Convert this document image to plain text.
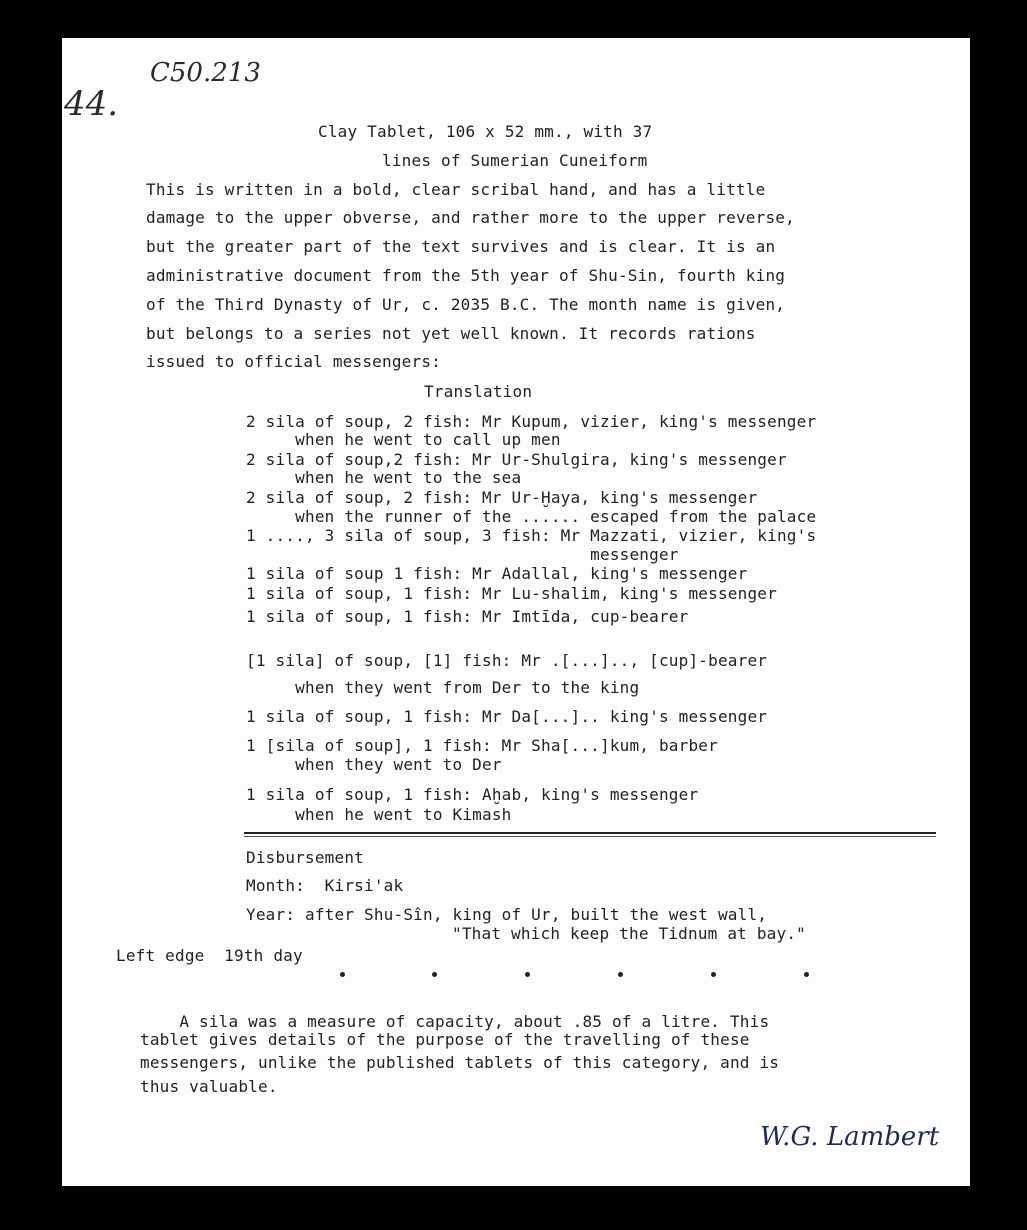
C50.213
44.
Clay Tablet, 106 x 52 mm., with 37
lines of Sumerian Cuneiform
This is written in a bold, clear scribal hand, and has a little
damage to the upper obverse, and rather more to the upper reverse,
but the greater part of the text survives and is clear. It is an
administrative document from the 5th year of Shu-Sin, fourth king
of the Third Dynasty of Ur, c. 2035 B.C. The month name is given,
but belongs to a series not yet well known. It records rations
issued to official messengers:
Translation
2 sila of soup, 2 fish: Mr Kupum, vizier, king's messenger
when he went to call up men
2 sila of soup,2 fish: Mr Ur-Shulgira, king's messenger
when he went to the sea
2 sila of soup, 2 fish: Mr Ur-Ḫaya, king's messenger
when the runner of the ...... escaped from the palace
1 ...., 3 sila of soup, 3 fish: Mr Mazzati, vizier, king's
messenger
1 sila of soup 1 fish: Mr Adallal, king's messenger
1 sila of soup, 1 fish: Mr Lu-shalim, king's messenger
1 sila of soup, 1 fish: Mr Imtīda, cup-bearer
[1 sila] of soup, [1] fish: Mr .[...].., [cup]-bearer
when they went from Der to the king
1 sila of soup, 1 fish: Mr Da[...].. king's messenger
1 [sila of soup], 1 fish: Mr Sha[...]kum, barber
when they went to Der
1 sila of soup, 1 fish: Aḫab, king's messenger
when he went to Kimash
Disbursement
Month:  Kirsi'ak
Year: after Shu-Sîn, king of Ur, built the west wall,
"That which keep the Tidnum at bay."
Left edge  19th day
A sila was a measure of capacity, about .85 of a litre. This
tablet gives details of the purpose of the travelling of these
messengers, unlike the published tablets of this category, and is
thus valuable.
W.G. Lambert
